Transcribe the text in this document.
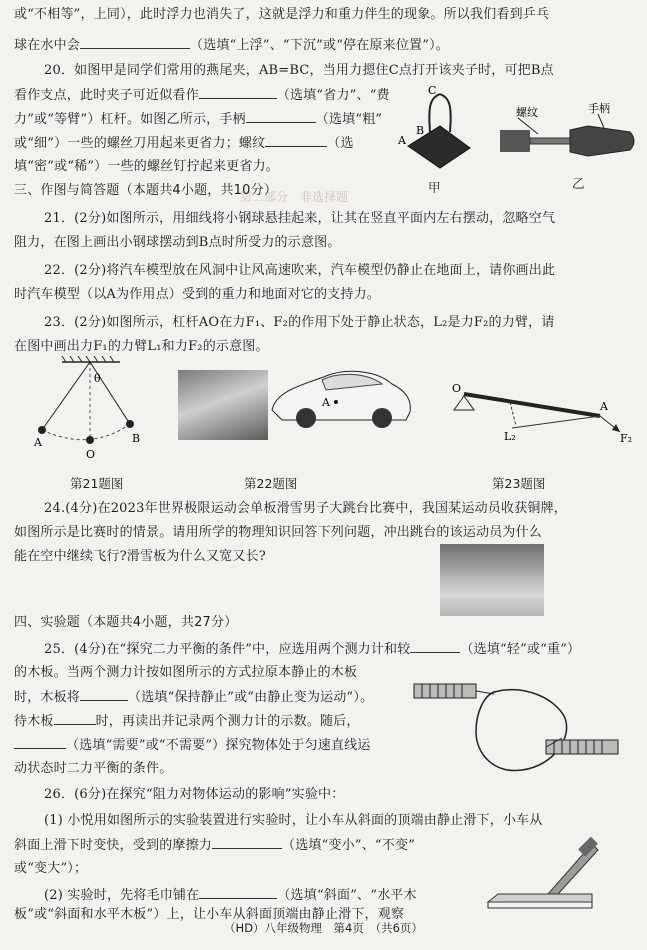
第二部分　非选择题
或“不相等”，上同），此时浮力也消失了，这就是浮力和重力伴生的现象。所以我们看到乒乓
球在水中会	（选填“上浮”、“下沉”或“停在原来位置”）。
20．如图甲是同学们常用的燕尾夹，AB=BC，当用力摁住C点打开该夹子时，可把B点
看作支点，此时夹子可近似看作	（选填“省力”、“费
力”或“等臂”）杠杆。如图乙所示，手柄	（选填“粗”
或“细”）一些的螺丝刀用起来更省力；螺纹	（选
填“密”或“稀”）一些的螺丝钉拧起来更省力。
C
A
B
甲
螺纹	手柄
乙
三、作图与简答题（本题共4小题，共10分）
21．(2分)如图所示，用细线将小钢球悬挂起来，让其在竖直平面内左右摆动，忽略空气
阻力，在图上画出小钢球摆动到B点时所受力的示意图。
22．(2分)将汽车模型放在风洞中让风高速吹来，汽车模型仍静止在地面上，请你画出此
时汽车模型（以A为作用点）受到的重力和地面对它的支持力。
23．(2分)如图所示，杠杆AO在力F₁、F₂的作用下处于静止状态，L₂是力F₂的力臂，请
在图中画出力F₁的力臂L₁和力F₂的示意图。
θ
A
O
B
A
O
A
L₂	F₂
第21题图	第22题图	第23题图
24.(4分)在2023年世界极限运动会单板滑雪男子大跳台比赛中，我国某运动员收获铜牌，
如图所示是比赛时的情景。请用所学的物理知识回答下列问题，冲出跳台的该运动员为什么
能在空中继续飞行?滑雪板为什么又宽又长?
四、实验题（本题共4小题，共27分）
25．(4分)在“探究二力平衡的条件”中，应选用两个测力计和较	（选填“轻”或“重”）
的木板。当两个测力计按如图所示的方式拉原本静止的木板
时，木板将	（选填“保持静止”或“由静止变为运动”）。
待木板	时，再读出并记录两个测力计的示数。随后，
（选填“需要”或“不需要”）探究物体处于匀速直线运
动状态时二力平衡的条件。
26．(6分)在探究“阻力对物体运动的影响”实验中：
(1) 小悦用如图所示的实验装置进行实验时，让小车从斜面的顶端由静止滑下，小车从
斜面上滑下时变快，受到的摩擦力	（选填“变小”、“不变”
或“变大”）；
(2) 实验时，先将毛巾铺在	（选填“斜面”、“水平木
板”或“斜面和水平木板”）上，让小车从斜面顶端由静止滑下，观察
（HD）八年级物理　第4页　（共6页）
